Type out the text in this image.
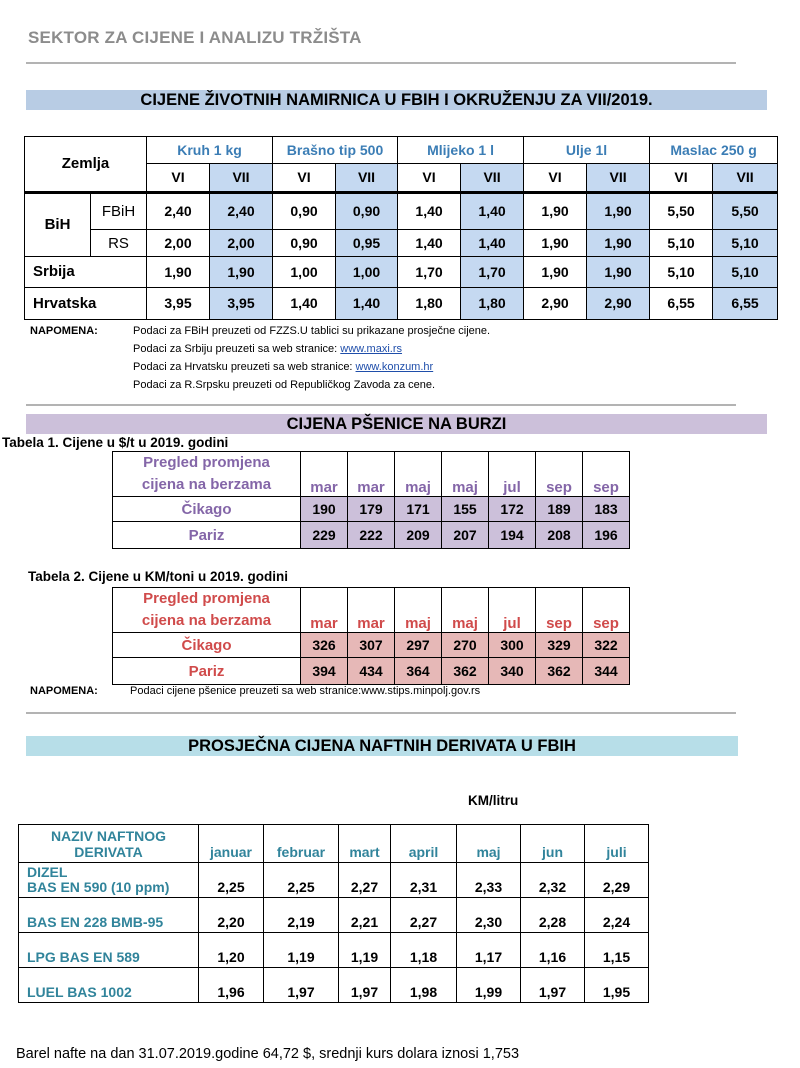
SEKTOR ZA CIJENE I ANALIZU TRŽIŠTA
CIJENE ŽIVOTNIH NAMIRNICA U FBIH I OKRUŽENJU ZA VII/2019.
Zemlja		Kruh 1 kg		Brašno tip 500		Mlijeko 1 l		Ulje 1l		Maslac 250 g	
		VI	VII	VI	VII	VI	VII	VI	VII	VI	VII
BiH	FBiH	2,40	2,40	0,90	0,90	1,40	1,40	1,90	1,90	5,50	5,50
	RS	2,00	2,00	0,90	0,95	1,40	1,40	1,90	1,90	5,10	5,10
Srbija		1,90	1,90	1,00	1,00	1,70	1,70	1,90	1,90	5,10	5,10
Hrvatska		3,95	3,95	1,40	1,40	1,80	1,80	2,90	2,90	6,55	6,55
NAPOMENA:	Podaci za FBiH preuzeti od FZZS.U tablici su prikazane prosječne cijene.
Podaci za Srbiju preuzeti sa web stranice: www.maxi.rs
Podaci za Hrvatsku preuzeti sa web stranice: www.konzum.hr
Podaci za R.Srpsku preuzeti od Republičkog Zavoda za cene.
CIJENA PŠENICE NA BURZI
Tabela 1. Cijene u $/t u 2019. godini
Pregled promjena
cijena na berzama	mar	mar	maj	maj	jul	sep	sep
Čikago	190	179	171	155	172	189	183
Pariz	229	222	209	207	194	208	196
Tabela 2. Cijene u KM/toni u 2019. godini
Pregled promjena
cijena na berzama	mar	mar	maj	maj	jul	sep	sep
Čikago	326	307	297	270	300	329	322
Pariz	394	434	364	362	340	362	344
NAPOMENA:	Podaci cijene pšenice preuzeti sa web stranice:www.stips.minpolj.gov.rs
PROSJEČNA CIJENA NAFTNIH DERIVATA U FBIH
KM/litru
NAZIV NAFTNOG
DERIVATA	januar	februar	mart	april	maj	jun	juli

DIZEL
BAS EN 590 (10 ppm)	2,25	2,25	2,27	2,31	2,33	2,32	2,29
BAS EN 228 BMB-95	2,20	2,19	2,21	2,27	2,30	2,28	2,24
LPG BAS EN 589	1,20	1,19	1,19	1,18	1,17	1,16	1,15
LUEL BAS 1002	1,96	1,97	1,97	1,98	1,99	1,97	1,95
Barel nafte na dan 31.07.2019.godine 64,72 $, srednji kurs dolara iznosi 1,753
